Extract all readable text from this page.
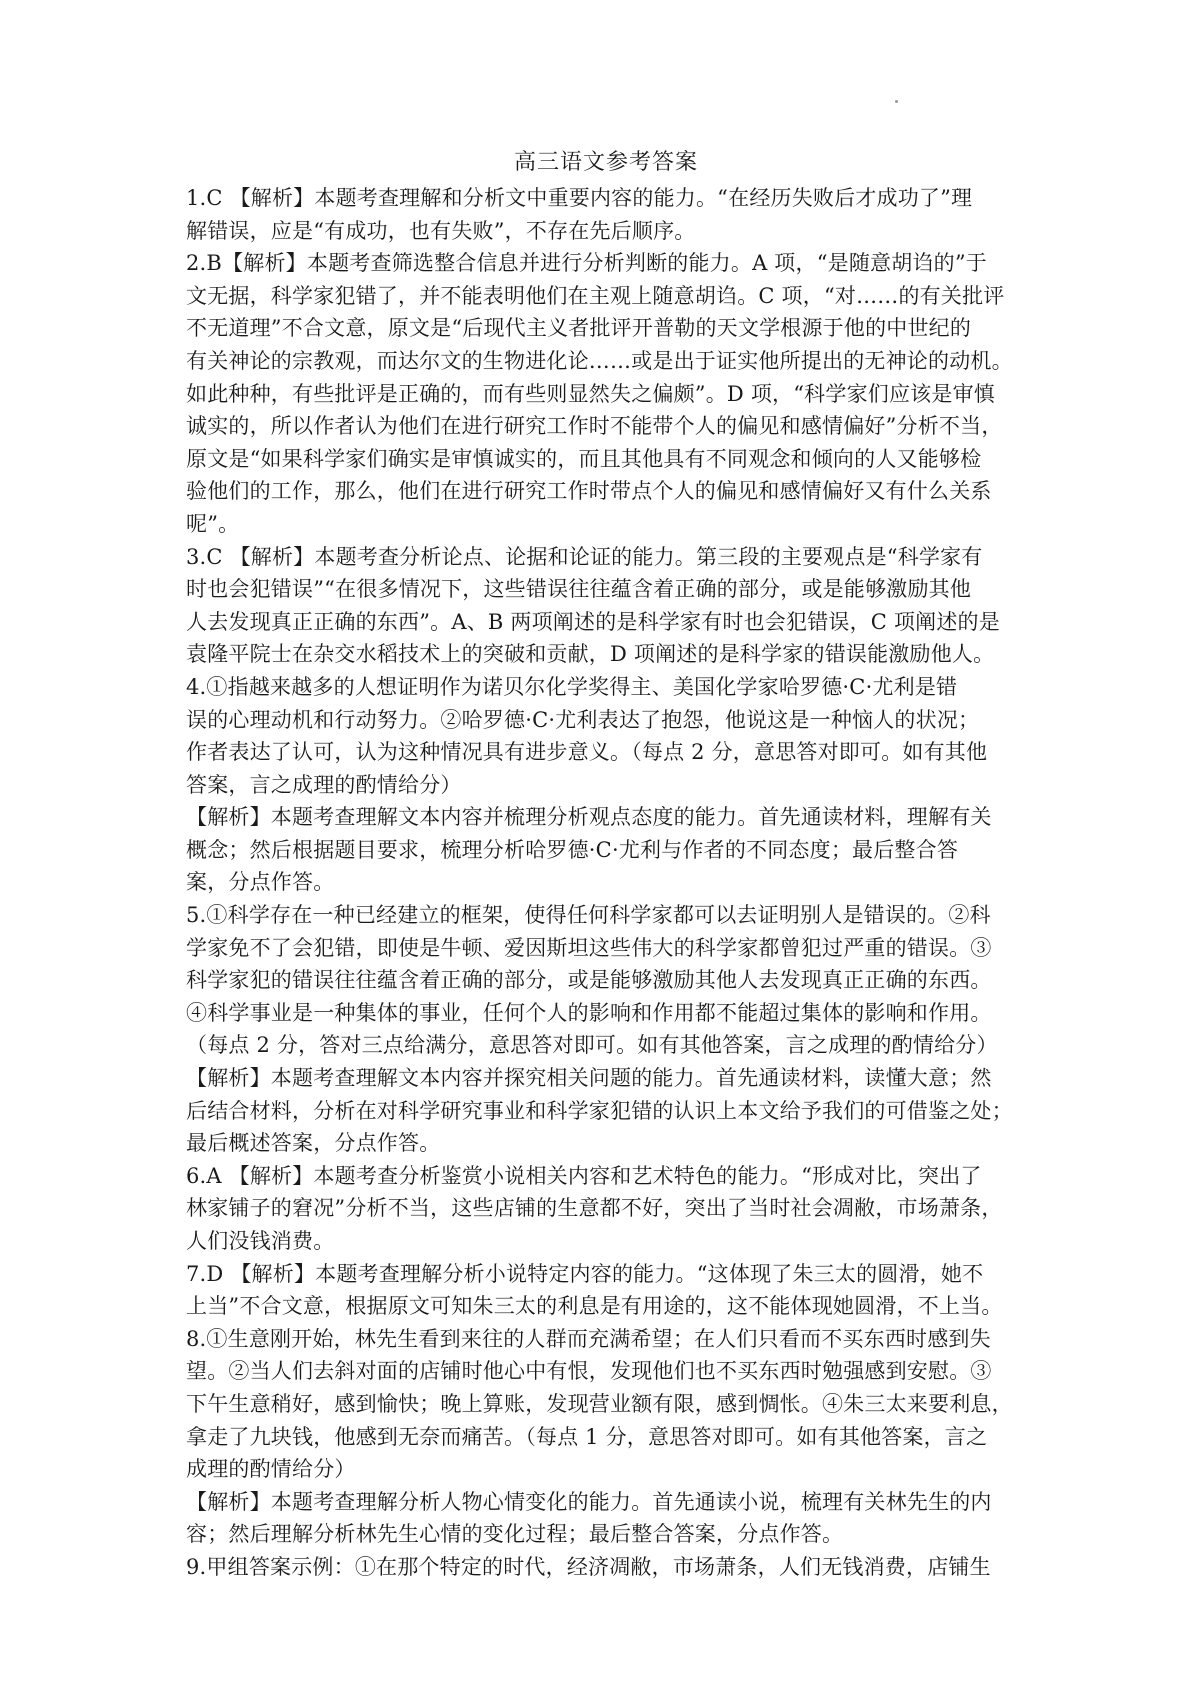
高三语文参考答案

1.C 【解析】本题考查理解和分析文中重要内容的能力。“在经历失败后才成功了”理

解错误，应是“有成功，也有失败”，不存在先后顺序。

2.B【解析】本题考查筛选整合信息并进行分析判断的能力。A 项，“是随意胡诌的”于

文无据，科学家犯错了，并不能表明他们在主观上随意胡诌。C 项，“对……的有关批评

不无道理”不合文意，原文是“后现代主义者批评开普勒的天文学根源于他的中世纪的

有关神论的宗教观，而达尔文的生物进化论……或是出于证实他所提出的无神论的动机。

如此种种，有些批评是正确的，而有些则显然失之偏颇”。D 项，“科学家们应该是审慎

诚实的，所以作者认为他们在进行研究工作时不能带个人的偏见和感情偏好”分析不当，

原文是“如果科学家们确实是审慎诚实的，而且其他具有不同观念和倾向的人又能够检

验他们的工作，那么，他们在进行研究工作时带点个人的偏见和感情偏好又有什么关系

呢”。

3.C 【解析】本题考查分析论点、论据和论证的能力。第三段的主要观点是“科学家有

时也会犯错误”“在很多情况下，这些错误往往蕴含着正确的部分，或是能够激励其他

人去发现真正正确的东西”。A、B 两项阐述的是科学家有时也会犯错误，C 项阐述的是

袁隆平院士在杂交水稻技术上的突破和贡献，D 项阐述的是科学家的错误能激励他人。

4.①指越来越多的人想证明作为诺贝尔化学奖得主、美国化学家哈罗德·C·尤利是错

误的心理动机和行动努力。②哈罗德·C·尤利表达了抱怨，他说这是一种恼人的状况；

作者表达了认可，认为这种情况具有进步意义。（每点 2 分，意思答对即可。如有其他

答案，言之成理的酌情给分）

【解析】本题考查理解文本内容并梳理分析观点态度的能力。首先通读材料，理解有关

概念；然后根据题目要求，梳理分析哈罗德·C·尤利与作者的不同态度；最后整合答

案，分点作答。

5.①科学存在一种已经建立的框架，使得任何科学家都可以去证明别人是错误的。②科

学家免不了会犯错，即使是牛顿、爱因斯坦这些伟大的科学家都曾犯过严重的错误。③

科学家犯的错误往往蕴含着正确的部分，或是能够激励其他人去发现真正正确的东西。

④科学事业是一种集体的事业，任何个人的影响和作用都不能超过集体的影响和作用。

（每点 2 分，答对三点给满分，意思答对即可。如有其他答案，言之成理的酌情给分）

【解析】本题考查理解文本内容并探究相关问题的能力。首先通读材料，读懂大意；然

后结合材料，分析在对科学研究事业和科学家犯错的认识上本文给予我们的可借鉴之处；

最后概述答案，分点作答。

6.A 【解析】本题考查分析鉴赏小说相关内容和艺术特色的能力。“形成对比，突出了

林家铺子的窘况”分析不当，这些店铺的生意都不好，突出了当时社会凋敝，市场萧条，

人们没钱消费。

7.D 【解析】本题考查理解分析小说特定内容的能力。“这体现了朱三太的圆滑，她不

上当”不合文意，根据原文可知朱三太的利息是有用途的，这不能体现她圆滑，不上当。

8.①生意刚开始，林先生看到来往的人群而充满希望；在人们只看而不买东西时感到失

望。②当人们去斜对面的店铺时他心中有恨，发现他们也不买东西时勉强感到安慰。③

下午生意稍好，感到愉快；晚上算账，发现营业额有限，感到惆怅。④朱三太来要利息，

拿走了九块钱，他感到无奈而痛苦。（每点 1 分，意思答对即可。如有其他答案，言之

成理的酌情给分）

【解析】本题考查理解分析人物心情变化的能力。首先通读小说，梳理有关林先生的内

容；然后理解分析林先生心情的变化过程；最后整合答案，分点作答。

9.甲组答案示例：①在那个特定的时代，经济凋敝，市场萧条，人们无钱消费，店铺生
